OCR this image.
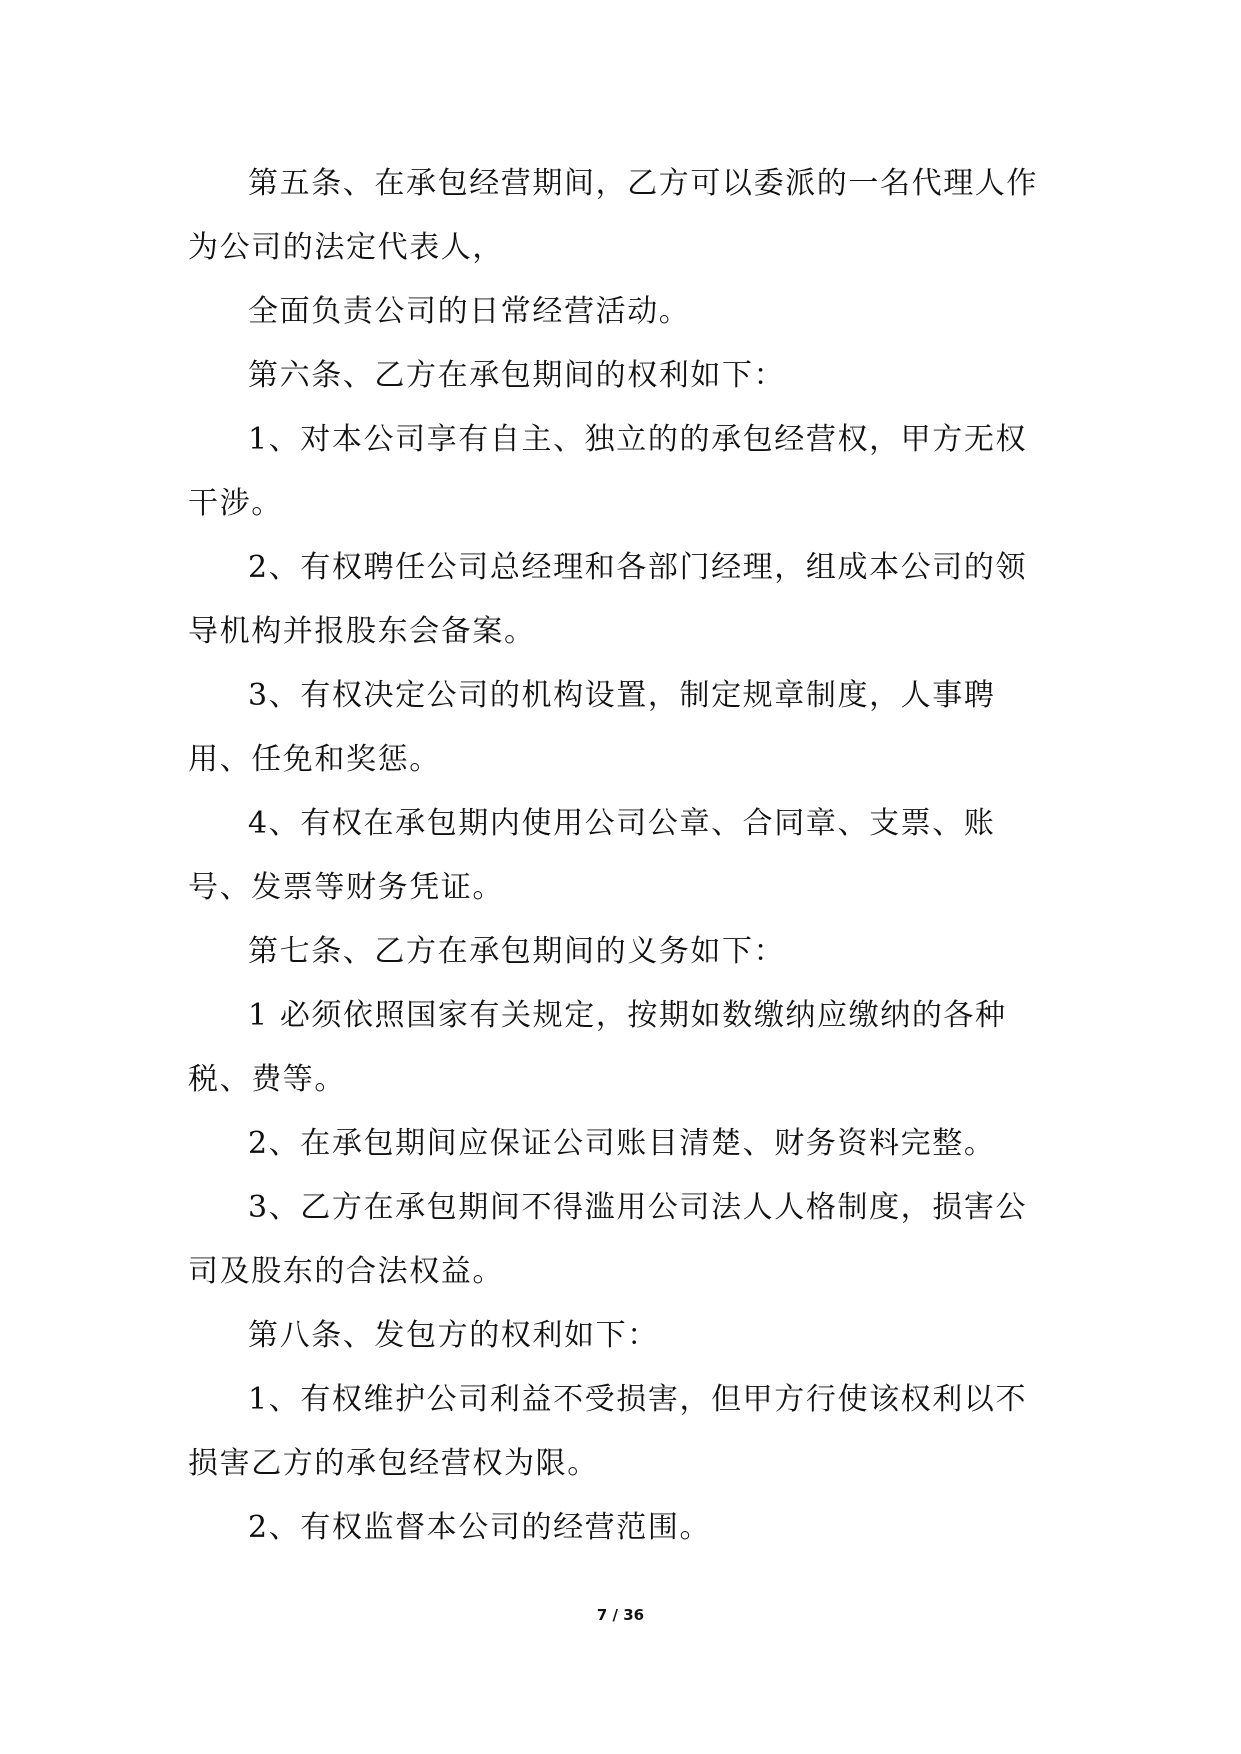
第五条、在承包经营期间，乙方可以委派的一名代理人作为公司的法定代表人，

全面负责公司的日常经营活动。

第六条、乙方在承包期间的权利如下：

1、对本公司享有自主、独立的的承包经营权，甲方无权干涉。

2、有权聘任公司总经理和各部门经理，组成本公司的领导机构并报股东会备案。

3、有权决定公司的机构设置，制定规章制度，人事聘用、任免和奖惩。

4、有权在承包期内使用公司公章、合同章、支票、账号、发票等财务凭证。

第七条、乙方在承包期间的义务如下：

1 必须依照国家有关规定，按期如数缴纳应缴纳的各种税、费等。

2、在承包期间应保证公司账目清楚、财务资料完整。

3、乙方在承包期间不得滥用公司法人人格制度，损害公司及股东的合法权益。

第八条、发包方的权利如下：

1、有权维护公司利益不受损害，但甲方行使该权利以不损害乙方的承包经营权为限。

2、有权监督本公司的经营范围。

7 / 36
